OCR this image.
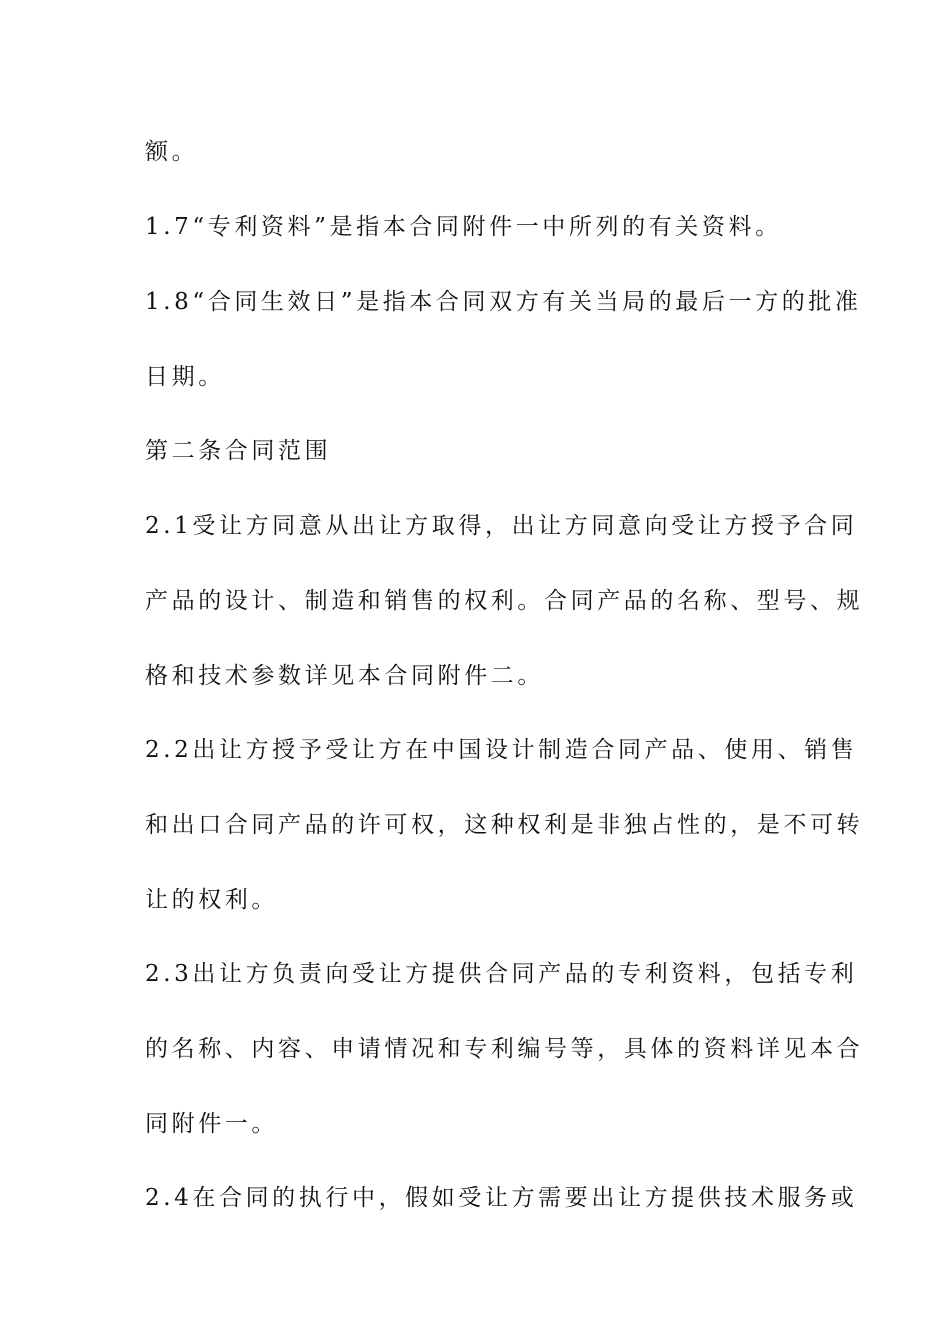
额。
1.7“专利资料”是指本合同附件一中所列的有关资料。
1.8“合同生效日”是指本合同双方有关当局的最后一方的批准
日期。
第二条合同范围
2.1受让方同意从出让方取得，出让方同意向受让方授予合同
产品的设计、制造和销售的权利。合同产品的名称、型号、规
格和技术参数详见本合同附件二。
2.2出让方授予受让方在中国设计制造合同产品、使用、销售
和出口合同产品的许可权，这种权利是非独占性的，是不可转
让的权利。
2.3出让方负责向受让方提供合同产品的专利资料，包括专利
的名称、内容、申请情况和专利编号等，具体的资料详见本合
同附件一。
2.4在合同的执行中，假如受让方需要出让方提供技术服务或
